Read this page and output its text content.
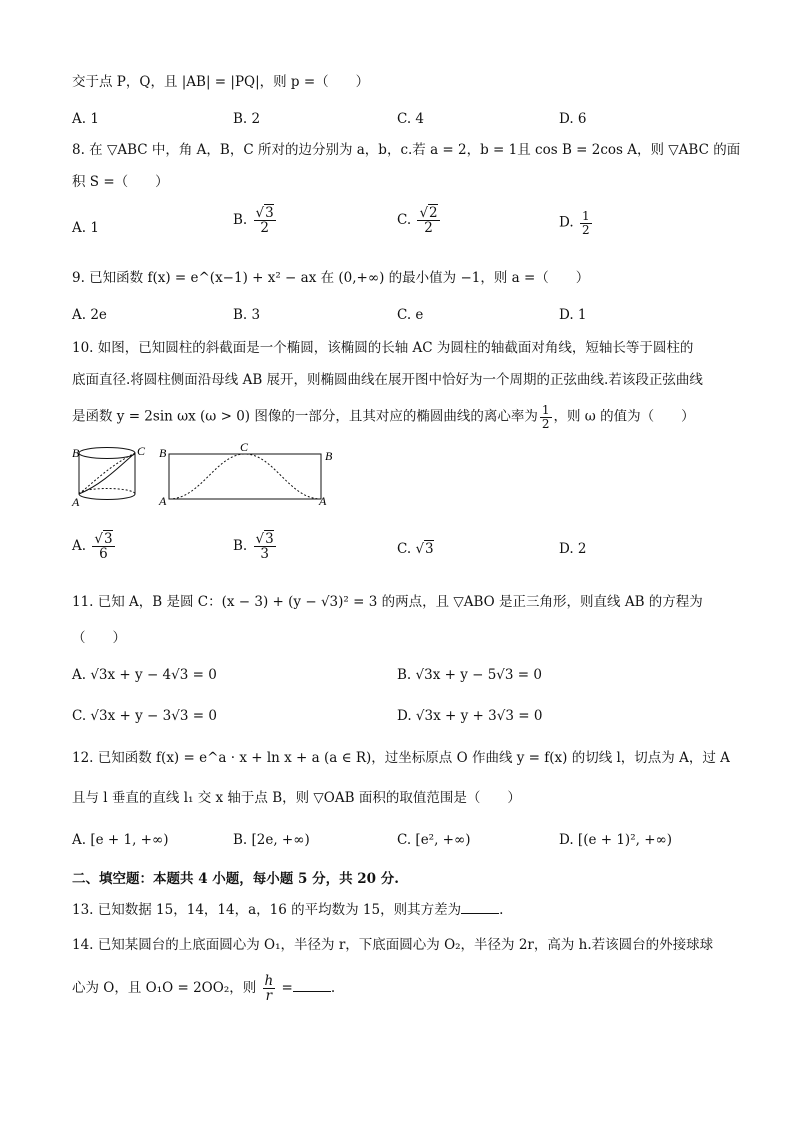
交于点 P，Q，且 |AB| = |PQ|，则 p =（　　）
A. 1	B. 2	C. 4	D. 6
8. 在 ▽ABC 中，角 A，B，C 所对的边分别为 a，b，c.若 a = 2，b = 1且 cos B = 2cos A，则 ▽ABC 的面
积 S =（　　）
A. 1	B. $\frac{√3}{2}$	C. $\frac{√2}{2}$	D. $\frac{1}{2}$
9. 已知函数 f(x) = e^(x−1) + x² − ax 在 (0,+∞) 的最小值为 −1，则 a =（　　）
A. 2e	B. 3	C. e	D. 1
10. 如图，已知圆柱的斜截面是一个椭圆，该椭圆的长轴 AC 为圆柱的轴截面对角线，短轴长等于圆柱的
底面直径.将圆柱侧面沿母线 AB 展开，则椭圆曲线在展开图中恰好为一个周期的正弦曲线.若该段正弦曲线
是函数 y = 2sin ωx (ω > 0) 图像的一部分，且其对应的椭圆曲线的离心率为 $\frac{1}{2}$ ，则 ω 的值为（　　）
B	C
A
B	C
B
A	A
A. $\frac{√3}{6}$	B. $\frac{√3}{3}$	C. √3	D. 2
11. 已知 A，B 是圆 C：(x − 3) + (y − √3)² = 3 的两点，且 ▽ABO 是正三角形，则直线 AB 的方程为
（　　）
A. √3x + y − 4√3 = 0	B. √3x + y − 5√3 = 0
C. √3x + y − 3√3 = 0	D. √3x + y + 3√3 = 0
12. 已知函数 f(x) = e^a · x + ln x + a (a ∈ R)，过坐标原点 O 作曲线 y = f(x) 的切线 l，切点为 A，过 A
且与 l 垂直的直线 l₁ 交 x 轴于点 B，则 ▽OAB 面积的取值范围是（　　）
A. [e + 1, +∞)	B. [2e, +∞)	C. [e², +∞)	D. [(e + 1)², +∞)
二、填空题：本题共 4 小题，每小题 5 分，共 20 分.
13. 已知数据 15，14，14，a，16 的平均数为 15，则其方差为	.
14. 已知某圆台的上底面圆心为 O₁，半径为 r，下底面圆心为 O₂，半径为 2r，高为 h.若该圆台的外接球球
心为 O，且 O₁O = 2OO₂，则 $\frac{h}{r}$ =	.
